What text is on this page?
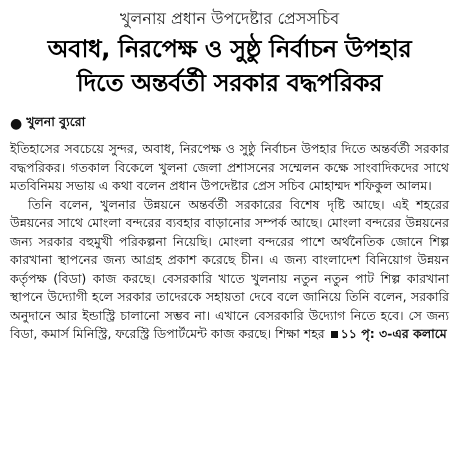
খুলনায় প্রধান উপদেষ্টার প্রেসসচিব
অবাধ, নিরপেক্ষ ও সুষ্ঠু নির্বাচন উপহার
দিতে অন্তর্বর্তী সরকার বদ্ধপরিকর
● খুলনা ব্যুরো

ইতিহাসের সবচেয়ে সুন্দর, অবাধ, নিরপেক্ষ ও সুষ্ঠু নির্বাচন উপহার দিতে অন্তর্বর্তী সরকার বদ্ধপরিকর। গতকাল বিকেলে খুলনা জেলা প্রশাসনের সম্মেলন কক্ষে সাংবাদিকদের সাথে মতবিনিময় সভায় এ কথা বলেন প্রধান উপদেষ্টার প্রেস সচিব মোহাম্মদ শফিকুল আলম।

তিনি বলেন, খুলনার উন্নয়নে অন্তর্বর্তী সরকারের বিশেষ দৃষ্টি আছে। এই শহরের উন্নয়নের সাথে মোংলা বন্দরের ব্যবহার বাড়ানোর সম্পর্ক আছে। মোংলা বন্দরের উন্নয়নের জন্য সরকার বহুমুখী পরিকল্পনা নিয়েছি। মোংলা বন্দরের পাশে অর্থনৈতিক জোনে শিল্প কারখানা স্থাপনের জন্য আগ্রহ প্রকাশ করেছে চীন। এ জন্য বাংলাদেশ বিনিয়োগ উন্নয়ন কর্তৃপক্ষ (বিডা) কাজ করছে। বেসরকারি খাতে খুলনায় নতুন নতুন পাট শিল্প কারখানা স্থাপনে উদ্যোগী হলে সরকার তাদেরকে সহায়তা দেবে বলে জানিয়ে তিনি বলেন, সরকারি অনুদানে আর ইন্ডাস্ট্রি চালানো সম্ভব না। এখানে বেসরকারি উদ্যোগ নিতে হবে। সে জন্য বিডা, কমার্স মিনিস্ট্রি, ফরেস্ট্রি ডিপার্টমেন্ট কাজ করছে। শিক্ষা শহর ১১ পৃ: ৩-এর কলামে
